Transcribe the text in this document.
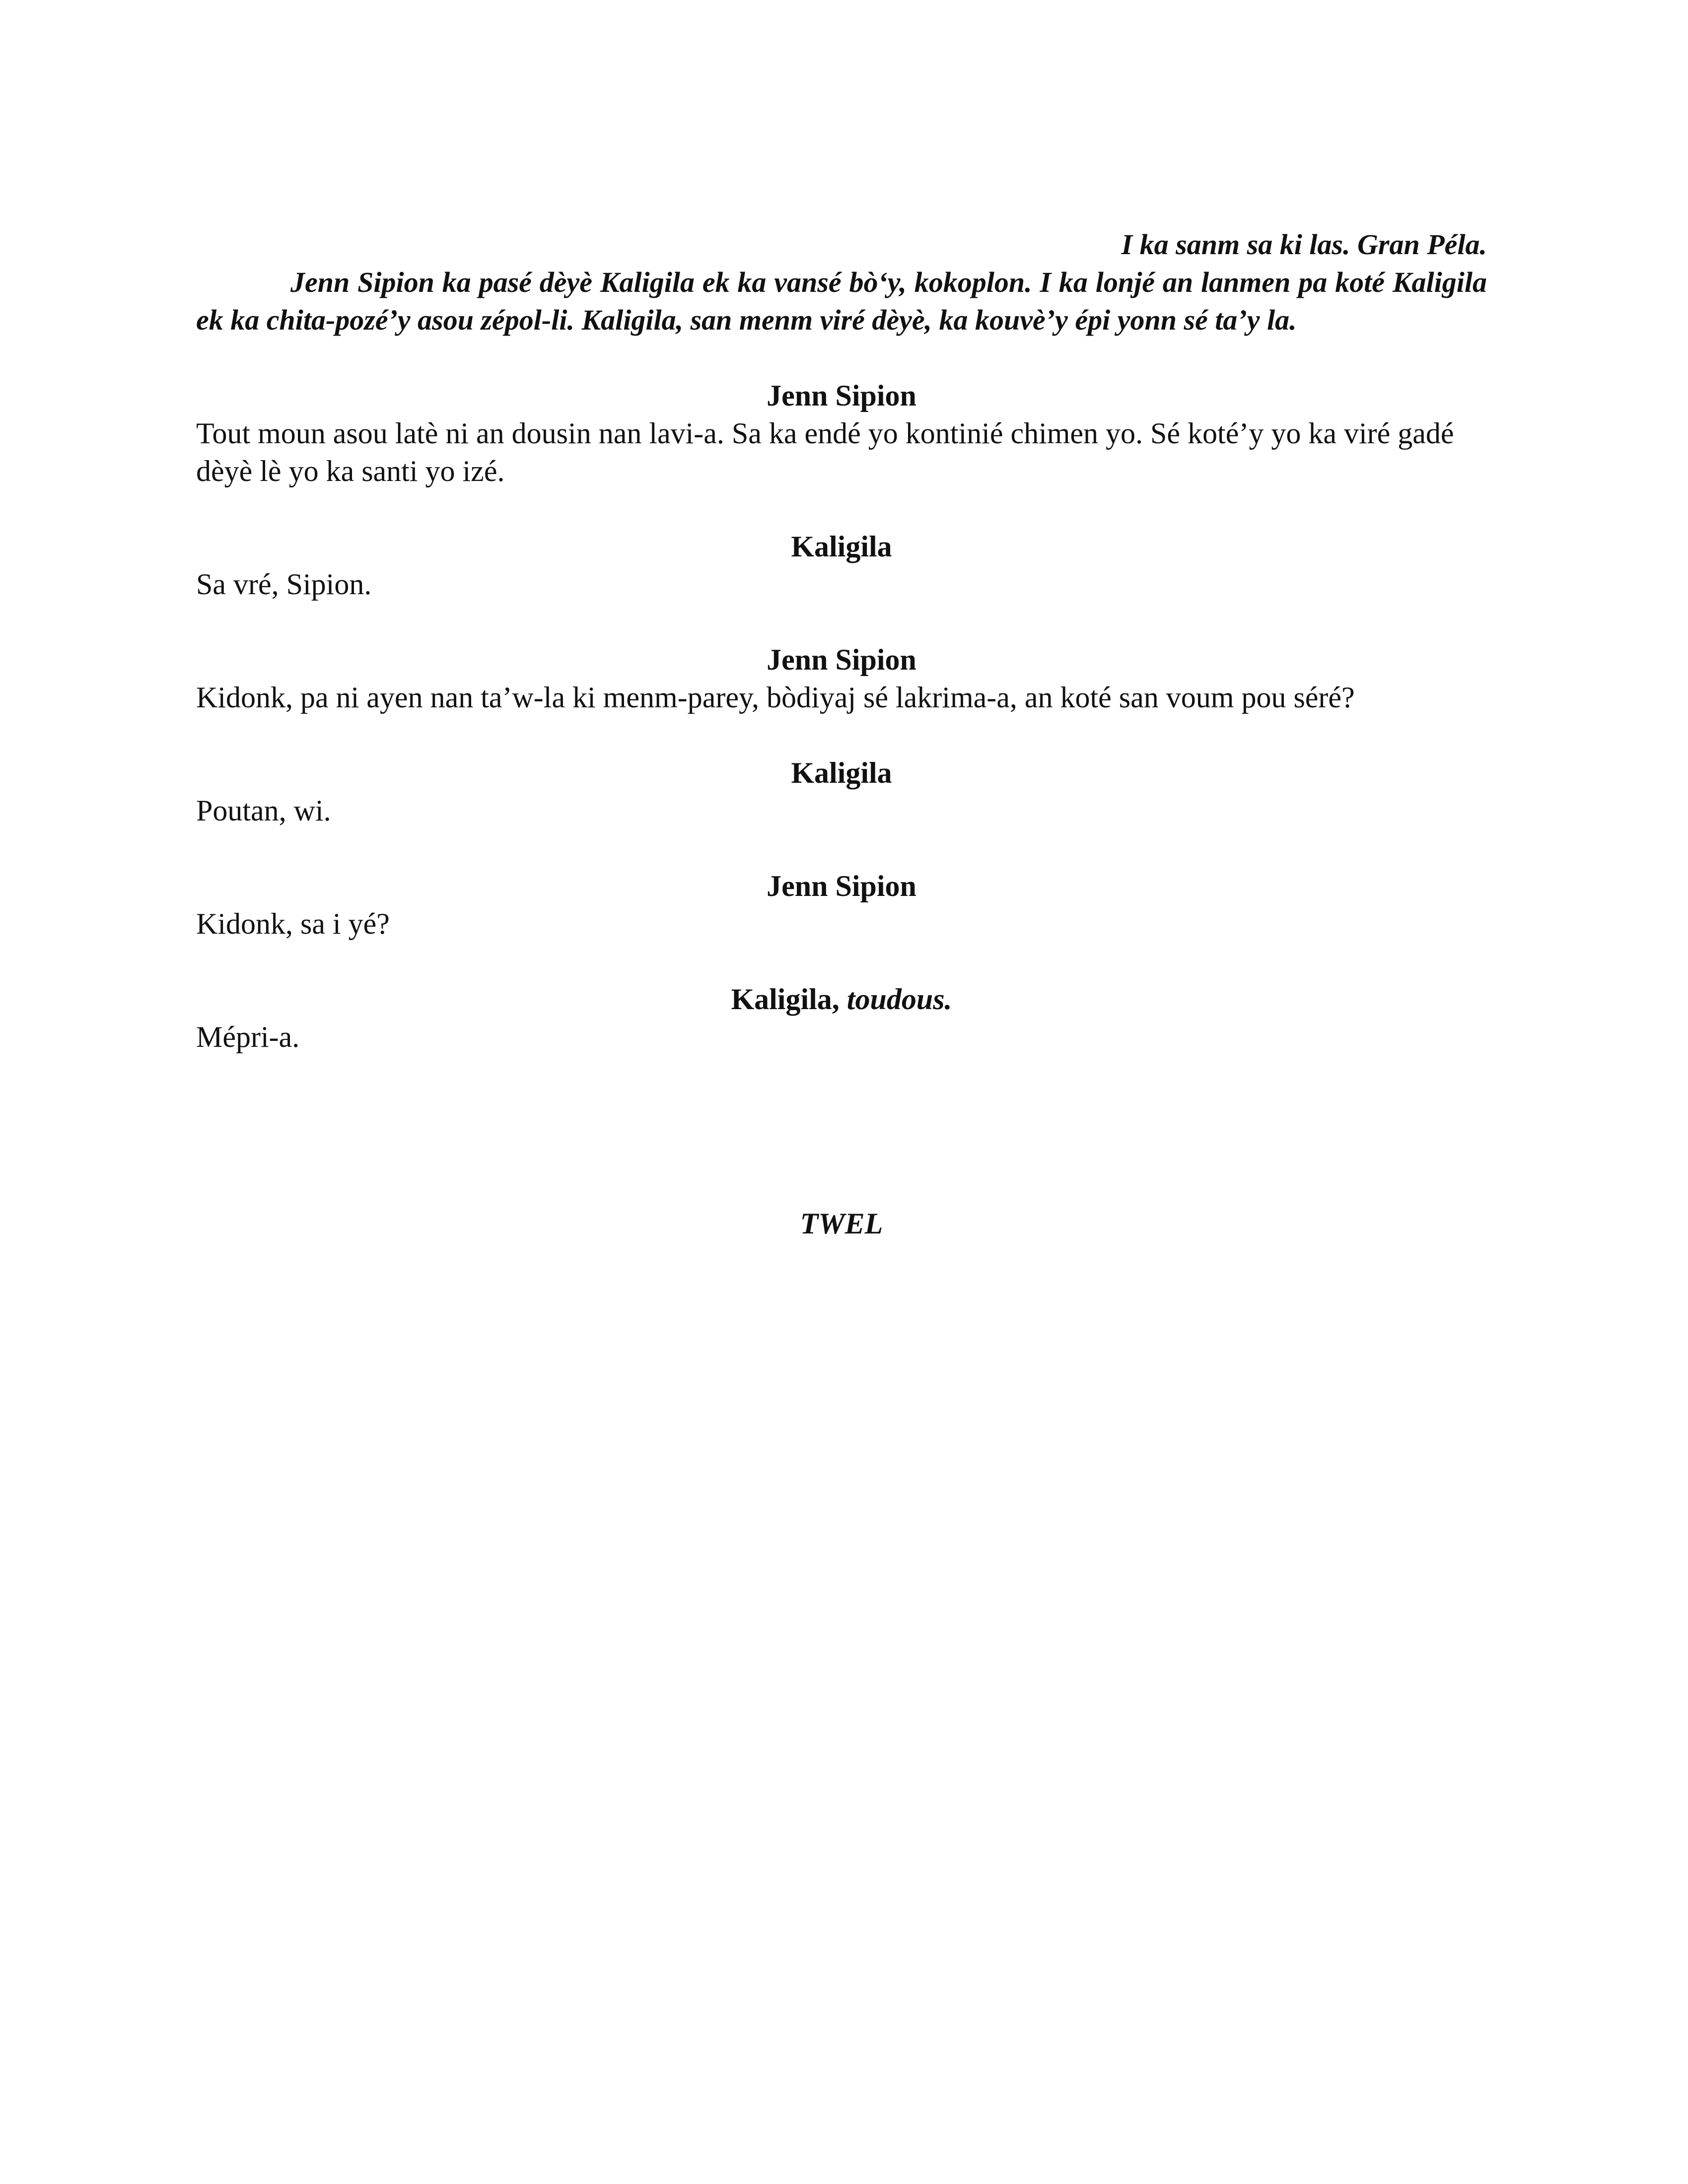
I ka sanm sa ki las. Gran Péla.

Jenn Sipion ka pasé dèyè Kaligila ek ka vansé bò‘y, kokoplon. I ka lonjé an lanmen pa koté Kaligila ek ka chita-pozé’y asou zépol-li. Kaligila, san menm viré dèyè, ka kouvè’y épi yonn sé ta’y la.

Jenn Sipion

Tout moun asou latè ni an dousin nan lavi-a. Sa ka endé yo kontinié chimen yo. Sé koté’y yo ka viré gadé dèyè lè yo ka santi yo izé.

Kaligila

Sa vré, Sipion.

Jenn Sipion

Kidonk, pa ni ayen nan ta’w-la ki menm-parey, bòdiyaj sé lakrima-a, an koté san voum pou séré?

Kaligila

Poutan, wi.

Jenn Sipion

Kidonk, sa i yé?

Kaligila, toudous.

Mépri-a.

TWEL
